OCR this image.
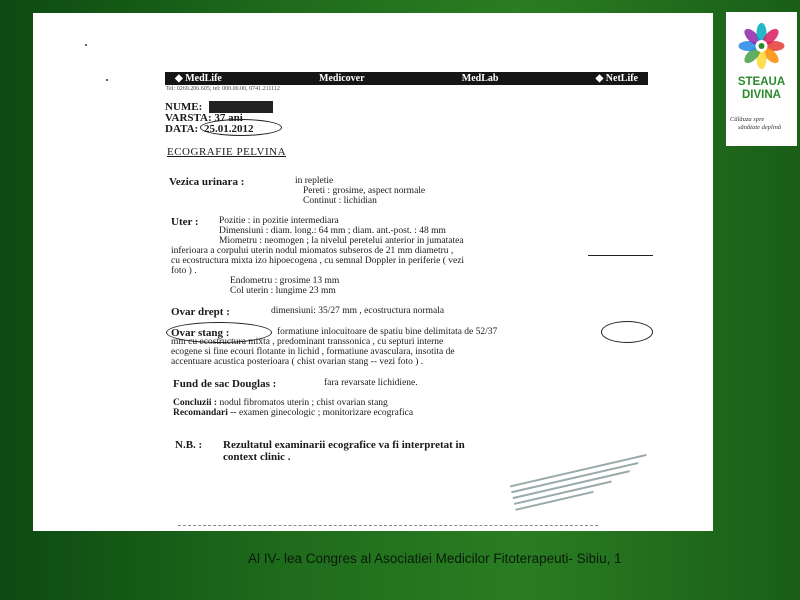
◆ MedLife	Medicover	MedLab	◆ NetLife
Tel: 0269.206.605; tel: 000.00.00, 0741.211112
NUME: Tatea Nistoru
VARSTA: 37 ani
DATA: 25.01.2012
ECOGRAFIE PELVINA
Vezica urinara :	in repletie
Pereti : grosime, aspect normale
Continut : lichidian
Uter : Pozitie : in pozitie intermediara
Dimensiuni : diam. long.: 64 mm ; diam. ant.-post. : 48 mm
Miometru : neomogen ; la nivelul peretelui anterior in jumatatea
inferioara a corpului uterin nodul miomatos subseros de 21 mm diametru ,
cu ecostructura mixta izo hipoecogena , cu semnal Doppler in periferie ( vezi
foto ) .
Endometru : grosime 13 mm
Col uterin : lungime 23 mm
Ovar drept :	dimensiuni: 35/27 mm , ecostructura normala
Ovar stang :	formatiune inlocuitoare de spatiu bine delimitata de 52/37
mm cu ecostructura mixta , predominant transsonica , cu septuri interne
ecogene si fine ecouri flotante in lichid , formatiune avasculara, insotita de
accentuare acustica posterioara ( chist ovarian stang -- vezi foto ) .
Fund de sac Douglas :	fara revarsate lichidiene.
Concluzii : nodul fibromatos uterin ; chist ovarian stang
Recomandari -- examen ginecologic ; monitorizare ecografica
N.B. : Rezultatul examinarii ecografice va fi interpretat in
context clinic .
STEAUA
DIVINA
Călăuza spre
sănătate deplină
Al IV- lea Congres al Asociatiei Medicilor Fitoterapeuti- Sibiu, 1
